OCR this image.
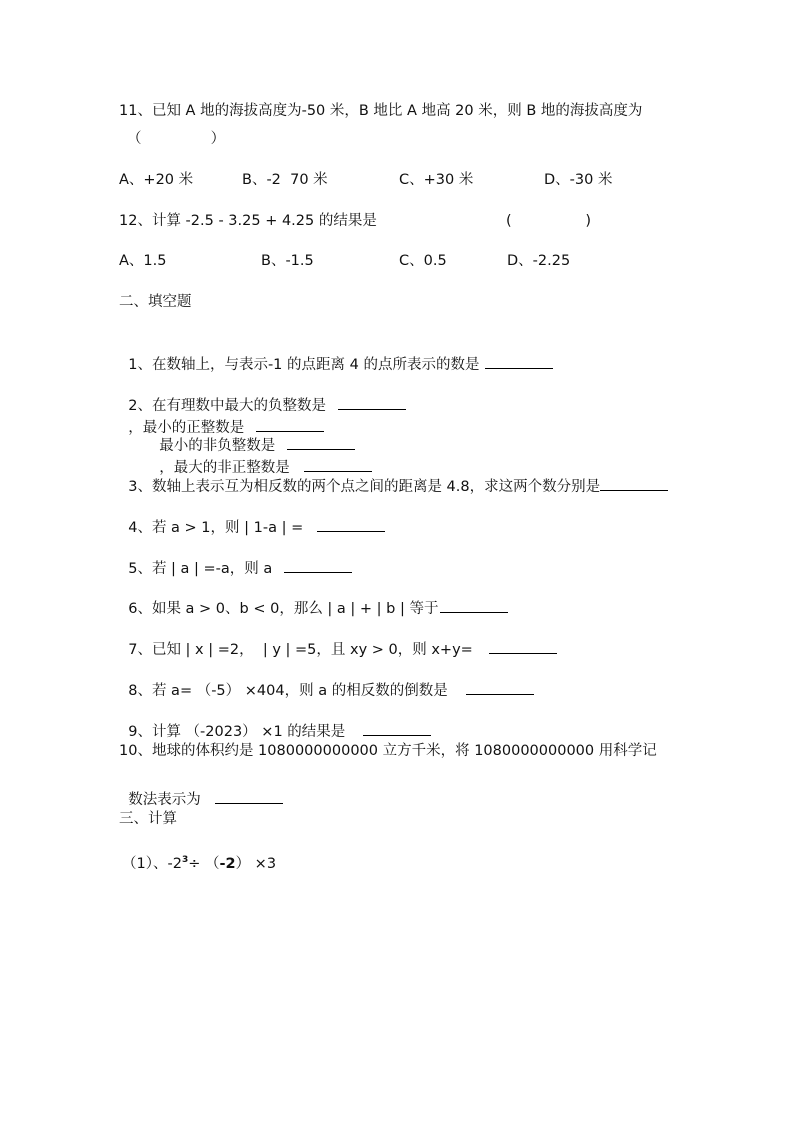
11、已知 A 地的海拔高度为-50 米，B 地比 A 地高 20 米，则 B 地的海拔高度为
（               ）
A、+20 米	B、-2  70 米	C、+30 米	D、-30 米
12、计算 -2.5 - 3.25 + 4.25 的结果是	(                )
A、1.5	B、-1.5	C、0.5	D、-2.25
二、填空题

1、在数轴上，与表示-1 的点距离 4 的点所表示的数是

2、在有理数中最大的负整数是
，最小的正整数是

最小的非负整数是
，最大的非正整数是

3、数轴上表示互为相反数的两个点之间的距离是 4.8，求这两个数分别是

4、若 a > 1，则 | 1-a | =

5、若 | a | =-a，则 a

6、如果 a > 0、b < 0，那么 | a | + | b | 等于

7、已知 | x | =2，  | y | =5，且 xy > 0，则 x+y=

8、若 a= （-5） ×404，则 a 的相反数的倒数是

9、计算 （-2023） ×1 的结果是

10、地球的体积约是 1080000000000 立方千米，将 1080000000000 用科学记

数法表示为

三、计算
（1）、$-2^3\div (-2) \times 3$
